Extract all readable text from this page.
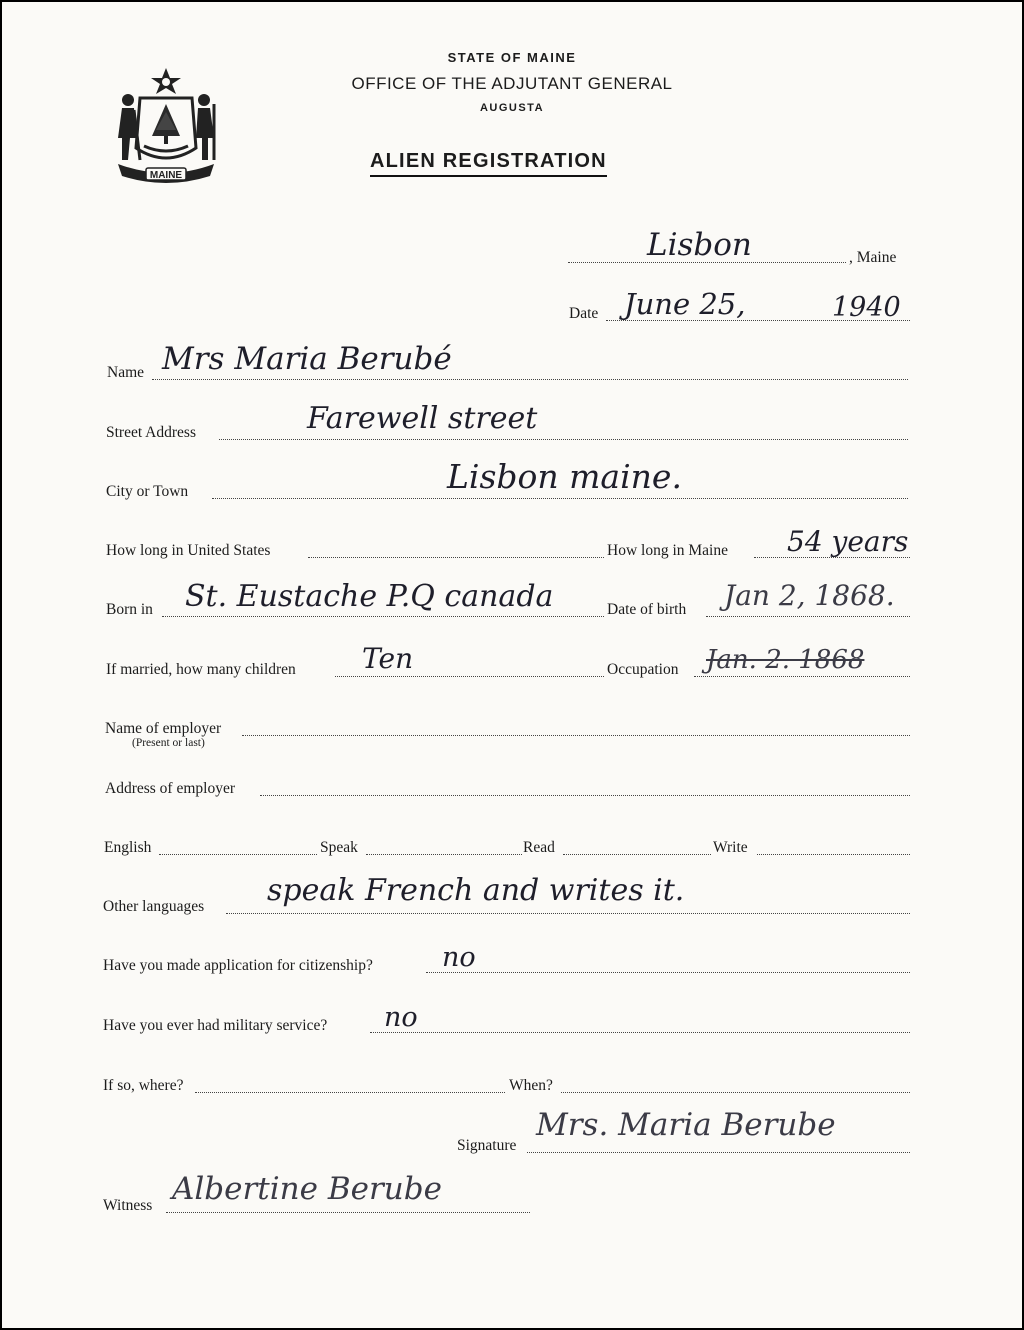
MAINE
STATE OF MAINE
OFFICE OF THE ADJUTANT GENERAL
AUGUSTA
ALIEN REGISTRATION
Lisbon	, Maine
Date June 25,	1940
Name Mrs Maria Berubé
Street Address	Farewell street
City or Town	Lisbon maine.
How long in United States	How long in Maine 54 years
Born in St. Eustache P.Q canada	Date of birth Jan 2, 1868.
If married, how many children Ten	Occupation Jan. 2. 1868
Name of employer
(Present or last)
Address of employer
English	Speak	Read	Write
Other languages speak French and writes it.
Have you made application for citizenship?	no
Have you ever had military service? no
If so, where?	When?
Signature
Mrs. Maria Berube
Witness Albertine Berube
